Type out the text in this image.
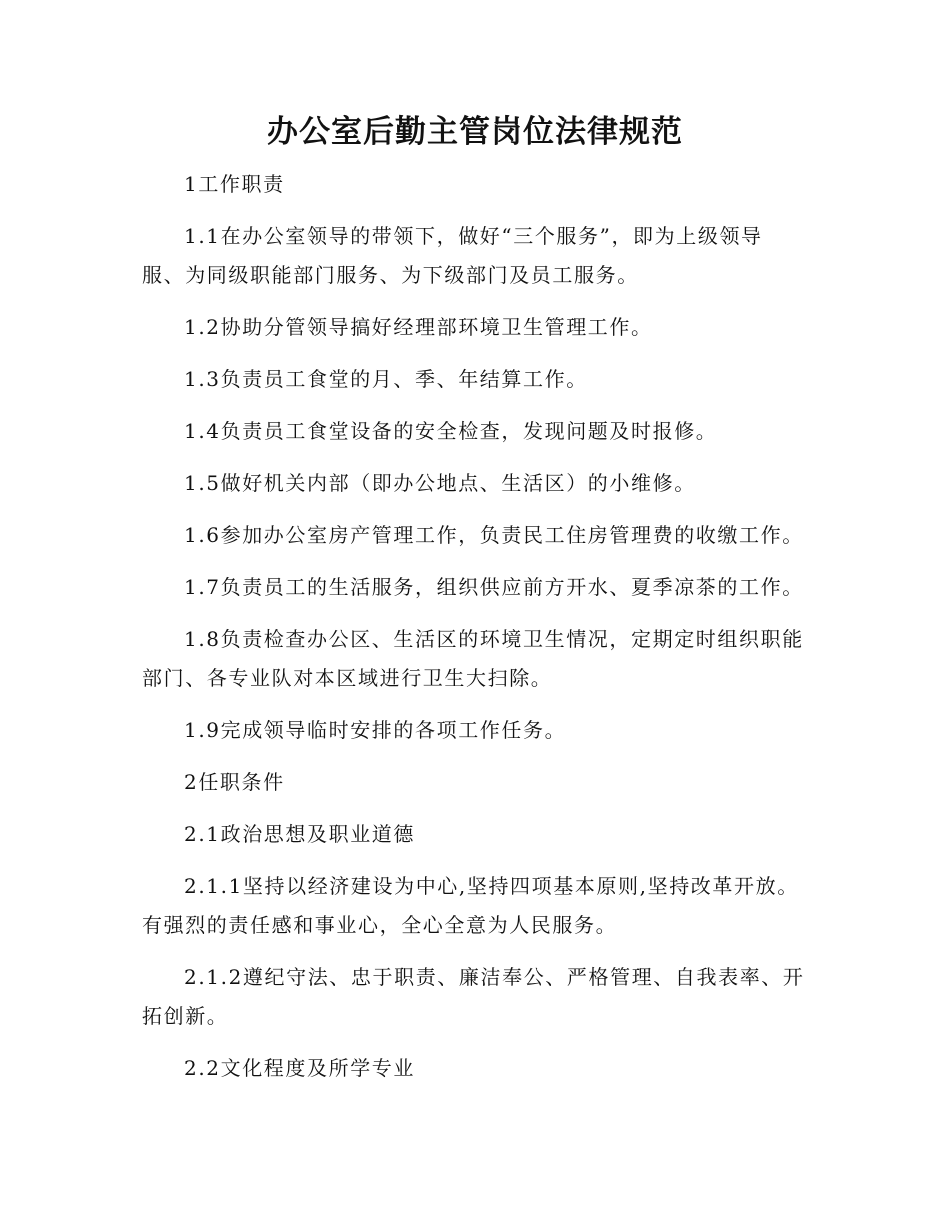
办公室后勤主管岗位法律规范

1工作职责

1.1在办公室领导的带领下，做好“三个服务”，即为上级领导
服、为同级职能部门服务、为下级部门及员工服务。

1.2协助分管领导搞好经理部环境卫生管理工作。

1.3负责员工食堂的月、季、年结算工作。

1.4负责员工食堂设备的安全检查，发现问题及时报修。

1.5做好机关内部（即办公地点、生活区）的小维修。

1.6参加办公室房产管理工作，负责民工住房管理费的收缴工作。

1.7负责员工的生活服务，组织供应前方开水、夏季凉茶的工作。

1.8负责检查办公区、生活区的环境卫生情况，定期定时组织职能
部门、各专业队对本区域进行卫生大扫除。

1.9完成领导临时安排的各项工作任务。

2任职条件

2.1政治思想及职业道德

2.1.1坚持以经济建设为中心,坚持四项基本原则,坚持改革开放。
有强烈的责任感和事业心，全心全意为人民服务。

2.1.2遵纪守法、忠于职责、廉洁奉公、严格管理、自我表率、开
拓创新。

2.2文化程度及所学专业
